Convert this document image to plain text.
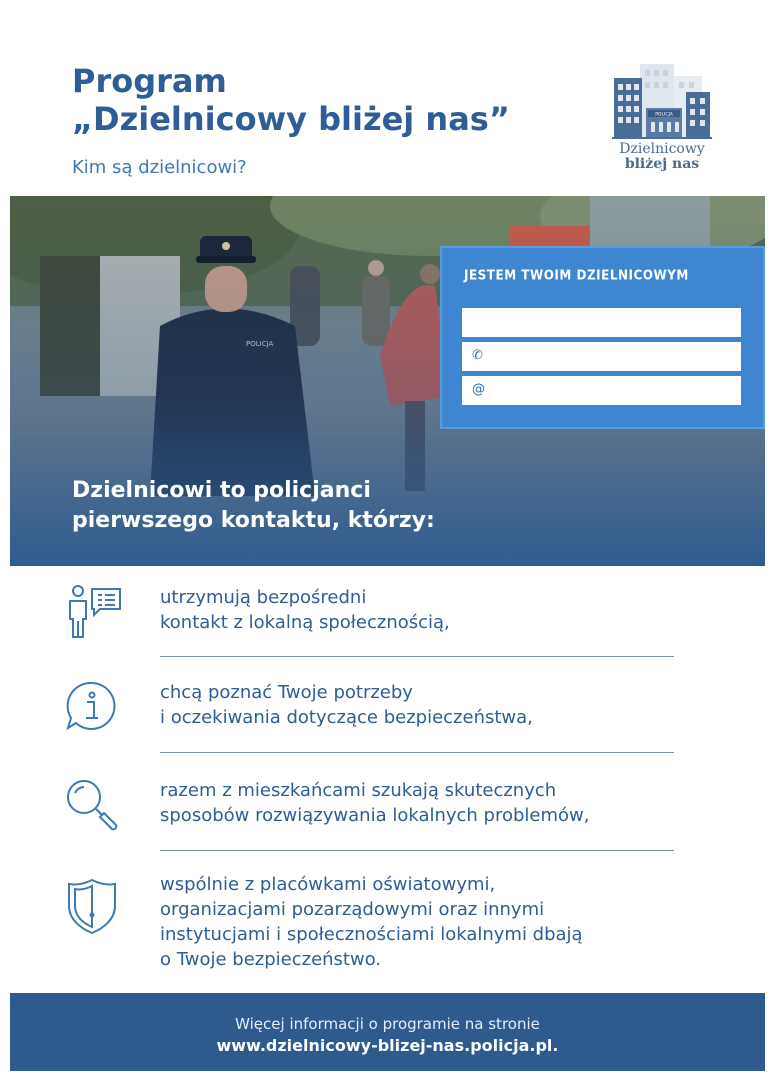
Program
„Dzielnicowy bliżej nas”

Kim są dzielnicowi?

POLICJA
Dzielnicowy
bliżej nas
JESTEM TWOIM DZIELNICOWYM
✆
@
Dzielnicowi to policjanci
pierwszego kontaktu, którzy:

utrzymują bezpośredni
kontakt z lokalną społecznością,

chcą poznać Twoje potrzeby
i oczekiwania dotyczące bezpieczeństwa,

razem z mieszkańcami szukają skutecznych
sposobów rozwiązywania lokalnych problemów,

wspólnie z placówkami oświatowymi,
organizacjami pozarządowymi oraz innymi
instytucjami i społecznościami lokalnymi dbają
o Twoje bezpieczeństwo.

Więcej informacji o programie na stronie
www.dzielnicowy-blizej-nas.policja.pl.
